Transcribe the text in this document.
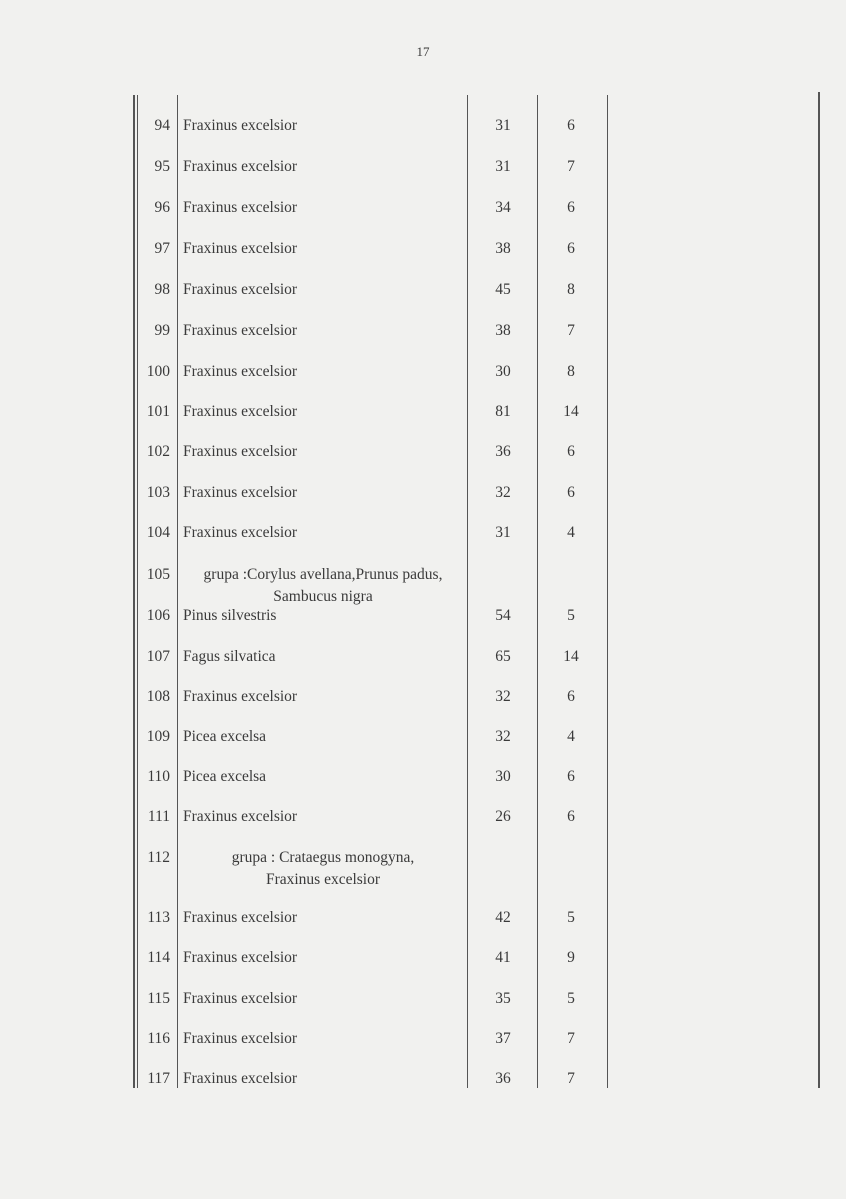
17
94 Fraxinus excelsior	31	6
95 Fraxinus excelsior	31	7
96 Fraxinus excelsior	34	6
97 Fraxinus excelsior	38	6
98 Fraxinus excelsior	45	8
99 Fraxinus excelsior	38	7
100 Fraxinus excelsior	30	8
101 Fraxinus excelsior	81	14
102 Fraxinus excelsior	36	6
103 Fraxinus excelsior	32	6
104 Fraxinus excelsior	31	4
105	grupa :Corylus avellana,Prunus padus,
Sambucus nigra
106 Pinus silvestris	54	5
107 Fagus silvatica	65	14
108 Fraxinus excelsior	32	6
109 Picea excelsa	32	4
110 Picea excelsa	30	6
111 Fraxinus excelsior	26	6
112	grupa : Crataegus monogyna,
Fraxinus excelsior
113 Fraxinus excelsior	42	5
114 Fraxinus excelsior	41	9
115 Fraxinus excelsior	35	5
116 Fraxinus excelsior	37	7
117 Fraxinus excelsior	36	7
